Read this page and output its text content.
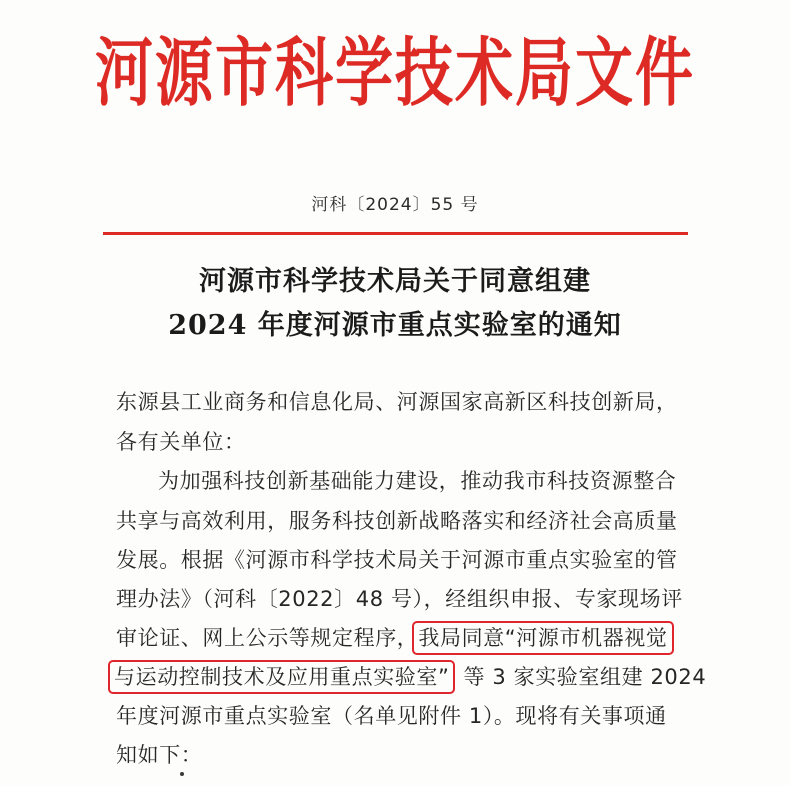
河源市科学技术局文件
河科〔2024〕55 号
河源市科学技术局关于同意组建
2024 年度河源市重点实验室的通知
东源县工业商务和信息化局、河源国家高新区科技创新局，
各有关单位：
为加强科技创新基础能力建设，推动我市科技资源整合
共享与高效利用，服务科技创新战略落实和经济社会高质量
发展。根据《河源市科学技术局关于河源市重点实验室的管
理办法》（河科〔2022〕48 号），经组织申报、专家现场评
审论证、网上公示等规定程序，我局同意“河源市机器视觉
与运动控制技术及应用重点实验室” 等 3 家实验室组建 2024
年度河源市重点实验室（名单见附件 1）。现将有关事项通
知如下：
